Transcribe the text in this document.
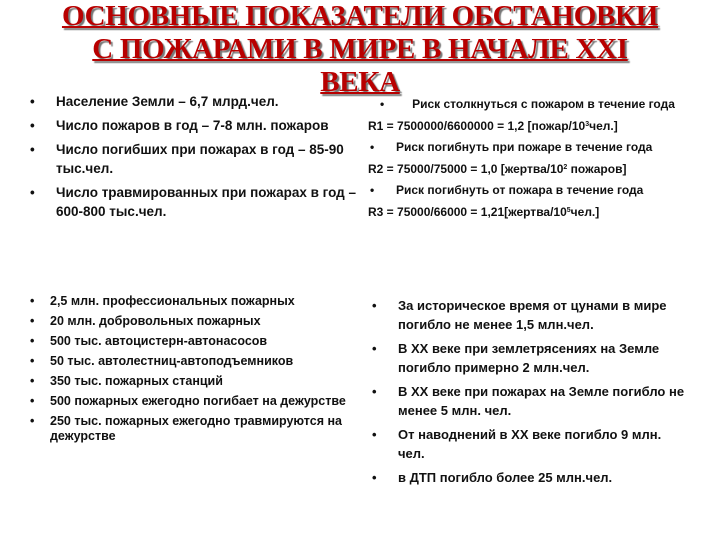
ОСНОВНЫЕ ПОКАЗАТЕЛИ ОБСТАНОВКИ
С ПОЖАРАМИ В МИРЕ В НАЧАЛЕ XXI
ВЕКА
• Население Земли – 6,7 млрд.чел.
• Число пожаров в год – 7-8 млн. пожаров
• Число погибших при пожарах в год – 85-90 тыс.чел.
• Число травмированных при пожарах в год – 600-800 тыс.чел.
• Риск столкнуться с пожаром в течение года
R1 = 7500000/6600000 = 1,2 $[пожар/10^3чел.]$
• Риск погибнуть при пожаре в течение года
R2 = 75000/75000 = 1,0 [$жертва/10^2$ пожаров]
• Риск погибнуть от пожара в течение года
$R3 = 75000/66000 = 1,21[жертва/10^5чел.]$
• 2,5 млн. профессиональных пожарных
• 20 млн. добровольных пожарных
• 500 тыс. автоцистерн-автонасосов
• 50 тыс. автолестниц-автоподъемников
• 350 тыс. пожарных станций
• 500 пожарных ежегодно погибает на дежурстве
• 250 тыс. пожарных ежегодно травмируются на дежурстве
• За историческое время от цунами в мире погибло не менее 1,5 млн.чел.
• В XX веке при землетрясениях на Земле погибло примерно 2 млн.чел.
• В XX веке при пожарах на Земле погибло не менее 5 млн. чел.
• От наводнений в XX веке погибло 9 млн. чел.
• в ДТП погибло более 25 млн.чел.
